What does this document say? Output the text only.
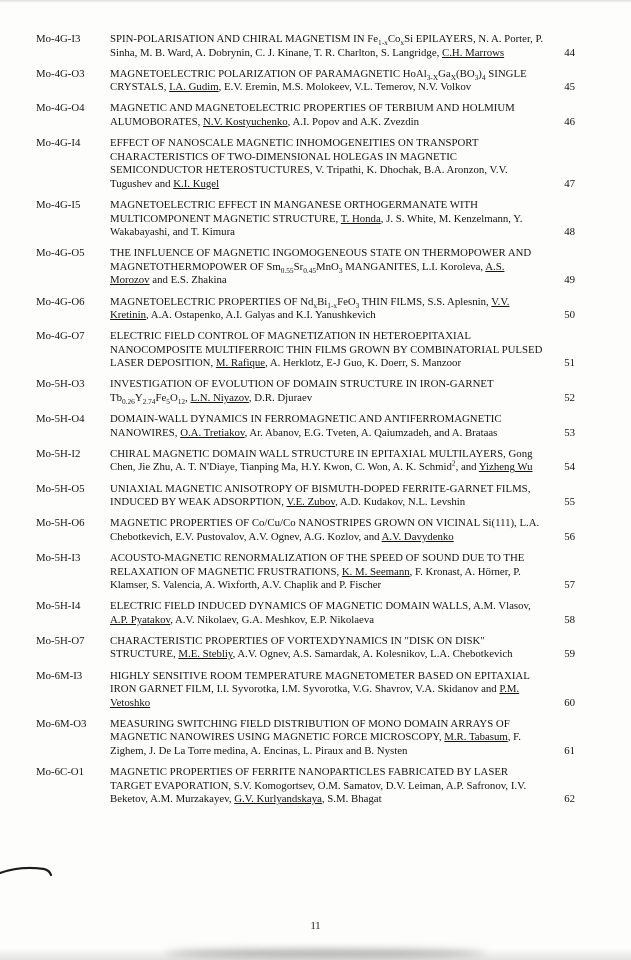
Mo-4G-I3	SPIN-POLARISATION AND CHIRAL MAGNETISM IN $Fe_{1-x}Co_xSi$ EPILAYERS, N. A. Porter, P. Sinha, M. B. Ward, A. Dobrynin, C. J. Kinane, T. R. Charlton, S. Langridge, C.H. Marrows	44
Mo-4G-O3	MAGNETOELECTRIC POLARIZATION OF PARAMAGNETIC $HoAl_{3-X}Ga_X(BO_3)_4$ SINGLE CRYSTALS, I.A. Gudim, E.V. Eremin, M.S. Molokeev, V.L. Temerov, N.V. Volkov	45
Mo-4G-O4	MAGNETIC AND MAGNETOELECTRIC PROPERTIES OF TERBIUM AND HOLMIUM ALUMOBORATES, N.V. Kostyuchenko, A.I. Popov and A.K. Zvezdin	46
Mo-4G-I4	EFFECT OF NANOSCALE MAGNETIC INHOMOGENEITIES ON TRANSPORT CHARACTERISTICS OF TWO-DIMENSIONAL HOLEGAS IN MAGNETIC SEMICONDUCTOR HETEROSTUCTURES, V. Tripathi, K. Dhochak, B.A. Aronzon, V.V. Tugushev and K.I. Kugel	47
Mo-4G-I5	MAGNETOELECTRIC EFFECT IN MANGANESE ORTHOGERMANATE WITH MULTICOMPONENT MAGNETIC STRUCTURE, T. Honda, J. S. White, M. Kenzelmann, Y. Wakabayashi, and T. Kimura	48
Mo-4G-O5	THE INFLUENCE OF MAGNETIC INGOMOGENEOUS STATE ON THERMOPOWER AND MAGNETOTHERMOPOWER OF $Sm_{0.55}Sr_{0.45}MnO_3$ MANGANITES, L.I. Koroleva, A.S. Morozov and E.S. Zhakina	49
Mo-4G-O6	MAGNETOELECTRIC PROPERTIES OF $Nd_xBi_{1-x}FeO_3$ THIN FILMS, S.S. Aplesnin, V.V. Kretinin, A.A. Ostapenko, A.I. Galyas and K.I. Yanushkevich	50
Mo-4G-O7	ELECTRIC FIELD CONTROL OF MAGNETIZATION IN HETEROEPITAXIAL NANOCOMPOSITE MULTIFERROIC THIN FILMS GROWN BY COMBINATORIAL PULSED LASER DEPOSITION, M. Rafique, A. Herklotz, E-J Guo, K. Doerr, S. Manzoor	51
Mo-5H-O3	INVESTIGATION OF EVOLUTION OF DOMAIN STRUCTURE IN IRON-GARNET $Tb_{0.26}Y_{2.74}Fe_5O_{12}$, L.N. Niyazov, D.R. Djuraev	52
Mo-5H-O4	DOMAIN-WALL DYNAMICS IN FERROMAGNETIC AND ANTIFERROMAGNETIC NANOWIRES, O.A. Tretiakov, Ar. Abanov, E.G. Tveten, A. Qaiumzadeh, and A. Brataas	53
Mo-5H-I2	CHIRAL MAGNETIC DOMAIN WALL STRUCTURE IN EPITAXIAL MULTILAYERS, Gong Chen, Jie Zhu, A. T. N'Diaye, Tianping Ma, H.Y. Kwon, C. Won, A. K. Schmid$^2$, and Yizheng Wu	54
Mo-5H-O5	UNIAXIAL MAGNETIC ANISOTROPY OF BISMUTH-DOPED FERRITE-GARNET FILMS, INDUCED BY WEAK ADSORPTION, V.E. Zubov, A.D. Kudakov, N.L. Levshin	55
Mo-5H-O6	MAGNETIC PROPERTIES OF Co/Cu/Co NANOSTRIPES GROWN ON VICINAL Si(111), L.A. Chebotkevich, E.V. Pustovalov, A.V. Ognev, A.G. Kozlov, and A.V. Davydenko	56
Mo-5H-I3	ACOUSTO-MAGNETIC RENORMALIZATION OF THE SPEED OF SOUND DUE TO THE RELAXATION OF MAGNETIC FRUSTRATIONS, K. M. Seemann, F. Kronast, A. Hörner, P. Klamser, S. Valencia, A. Wixforth, A.V. Chaplik and P. Fischer	57
Mo-5H-I4	ELECTRIC FIELD INDUCED DYNAMICS OF MAGNETIC DOMAIN WALLS, A.M. Vlasov, A.P. Pyatakov, A.V. Nikolaev, G.A. Meshkov, E.P. Nikolaeva	58
Mo-5H-O7	CHARACTERISTIC PROPERTIES OF VORTEXDYNAMICS IN "DISK ON DISK" STRUCTURE, M.E. Stebliy, A.V. Ognev, A.S. Samardak, A. Kolesnikov, L.A. Chebotkevich	59
Mo-6M-I3	HIGHLY SENSITIVE ROOM TEMPERATURE MAGNETOMETER BASED ON EPITAXIAL IRON GARNET FILM, I.I. Syvorotka, I.M. Syvorotka, V.G. Shavrov, V.A. Skidanov and P.M. Vetoshko	60
Mo-6M-O3	MEASURING SWITCHING FIELD DISTRIBUTION OF MONO DOMAIN ARRAYS OF MAGNETIC NANOWIRES USING MAGNETIC FORCE MICROSCOPY, M.R. Tabasum, F. Zighem, J. De La Torre medina, A. Encinas, L. Piraux and B. Nysten	61
Mo-6C-O1	MAGNETIC PROPERTIES OF FERRITE NANOPARTICLES FABRICATED BY LASER TARGET EVAPORATION, S.V. Komogortsev, O.M. Samatov, D.V. Leiman, A.P. Safronov, I.V. Beketov, A.M. Murzakayev, G.V. Kurlyandskaya, S.M. Bhagat	62
11
